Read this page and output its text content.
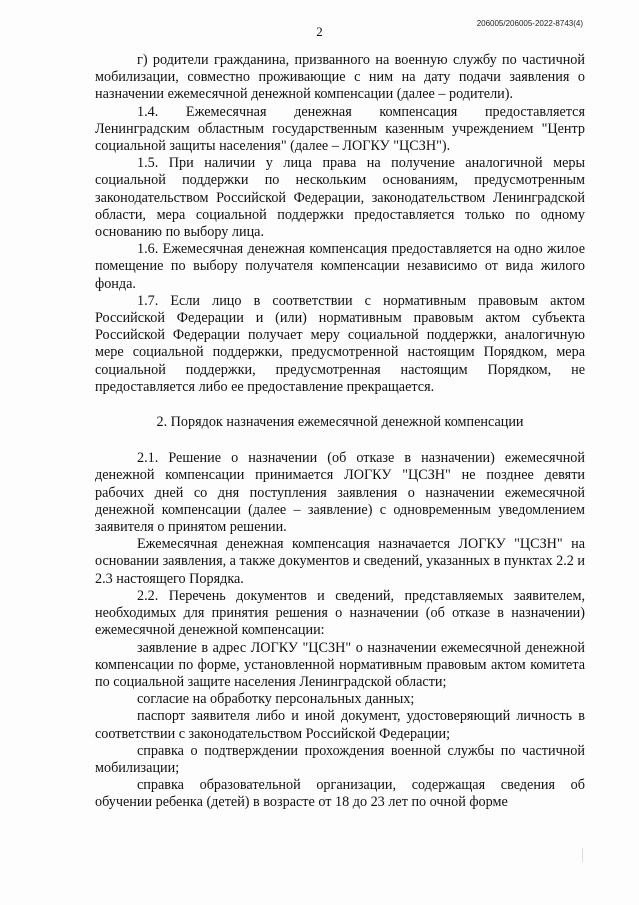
2
206005/206005-2022-8743(4)

г) родители гражданина, призванного на военную службу по частичной мобилизации, совместно проживающие с ним на дату подачи заявления о назначении ежемесячной денежной компенсации (далее – родители).

1.4. Ежемесячная денежная компенсация предоставляется Ленинградским областным государственным казенным учреждением "Центр социальной защиты населения" (далее – ЛОГКУ "ЦСЗН").

1.5. При наличии у лица права на получение аналогичной меры социальной поддержки по нескольким основаниям, предусмотренным законодательством Российской Федерации, законодательством Ленинградской области, мера социальной поддержки предоставляется только по одному основанию по выбору лица.

1.6. Ежемесячная денежная компенсация предоставляется на одно жилое помещение по выбору получателя компенсации независимо от вида жилого фонда.

1.7. Если лицо в соответствии с нормативным правовым актом Российской Федерации и (или) нормативным правовым актом субъекта Российской Федерации получает меру социальной поддержки, аналогичную мере социальной поддержки, предусмотренной настоящим Порядком, мера социальной поддержки, предусмотренная настоящим Порядком, не предоставляется либо ее предоставление прекращается.

2. Порядок назначения ежемесячной денежной компенсации

2.1. Решение о назначении (об отказе в назначении) ежемесячной денежной компенсации принимается ЛОГКУ "ЦСЗН" не позднее девяти рабочих дней со дня поступления заявления о назначении ежемесячной денежной компенсации (далее – заявление) с одновременным уведомлением заявителя о принятом решении.

Ежемесячная денежная компенсация назначается ЛОГКУ "ЦСЗН" на основании заявления, а также документов и сведений, указанных в пунктах 2.2 и 2.3 настоящего Порядка.

2.2. Перечень документов и сведений, представляемых заявителем, необходимых для принятия решения о назначении (об отказе в назначении) ежемесячной денежной компенсации:

заявление в адрес ЛОГКУ "ЦСЗН" о назначении ежемесячной денежной компенсации по форме, установленной нормативным правовым актом комитета по социальной защите населения Ленинградской области;

согласие на обработку персональных данных;

паспорт заявителя либо и иной документ, удостоверяющий личность в соответствии с законодательством Российской Федерации;

справка о подтверждении прохождения военной службы по частичной мобилизации;

справка образовательной организации, содержащая сведения об обучении ребенка (детей) в возрасте от 18 до 23 лет по очной форме
